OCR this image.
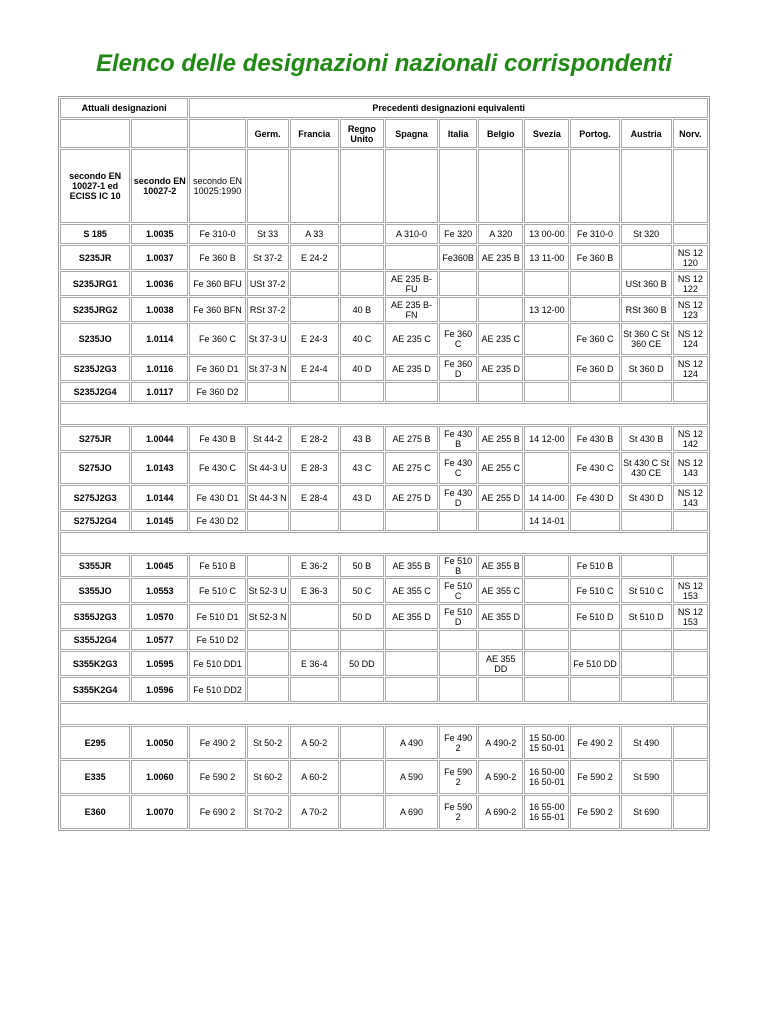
Elenco delle designazioni nazionali corrispondenti
Attuali designazioni		Precedenti designazioni equivalenti										
			Germ.	Francia	Regno Unito	Spagna	Italia	Belgio	Svezia	Portog.	Austria	Norv.
secondo EN 10027-1 ed ECISS IC 10	secondo EN 10027-2	secondo EN 10025:1990										
S 185	1.0035	Fe 310-0	St 33	A 33		A 310-0	Fe 320	A 320	13 00-00	Fe 310-0	St 320	
S235JR	1.0037	Fe 360 B	St 37-2	E 24-2			Fe360B	AE 235 B	13 11-00	Fe 360 B		NS 12 120
S235JRG1	1.0036	Fe 360 BFU	USt 37-2			AE 235 B-FU					USt 360 B	NS 12 122
S235JRG2	1.0038	Fe 360 BFN	RSt 37-2		40 B	AE 235 B-FN			13 12-00		RSt 360 B	NS 12 123
S235JO	1.0114	Fe 360 C	St 37-3 U	E 24-3	40 C	AE 235 C	Fe 360 C	AE 235 C		Fe 360 C	St 360 C St 360 CE	NS 12 124
S235J2G3	1.0116	Fe 360 D1	St 37-3 N	E 24-4	40 D	AE 235 D	Fe 360 D	AE 235 D		Fe 360 D	St 360 D	NS 12 124
S235J2G4	1.0117	Fe 360 D2										

S275JR	1.0044	Fe 430 B	St 44-2	E 28-2	43 B	AE 275 B	Fe 430 B	AE 255 B	14 12-00	Fe 430 B	St 430 B	NS 12 142
S275JO	1.0143	Fe 430 C	St 44-3 U	E 28-3	43 C	AE 275 C	Fe 430 C	AE 255 C		Fe 430 C	St 430 C St 430 CE	NS 12 143
S275J2G3	1.0144	Fe 430 D1	St 44-3 N	E 28-4	43 D	AE 275 D	Fe 430 D	AE 255 D	14 14-00	Fe 430 D	St 430 D	NS 12 143
S275J2G4	1.0145	Fe 430 D2							14 14-01			

S355JR	1.0045	Fe 510 B		E 36-2	50 B	AE 355 B	Fe 510 B	AE 355 B		Fe 510 B		
S355JO	1.0553	Fe 510 C	St 52-3 U	E 36-3	50 C	AE 355 C	Fe 510 C	AE 355 C		Fe 510 C	St 510 C	NS 12 153
S355J2G3	1.0570	Fe 510 D1	St 52-3 N		50 D	AE 355 D	Fe 510 D	AE 355 D		Fe 510 D	St 510 D	NS 12 153
S355J2G4	1.0577	Fe 510 D2										
S355K2G3	1.0595	Fe 510 DD1		E 36-4	50 DD			AE 355 DD		Fe 510 DD		
S355K2G4	1.0596	Fe 510 DD2										

E295	1.0050	Fe 490 2	St 50-2	A 50-2		A 490	Fe 490 2	A 490-2	15 50-00 15 50-01	Fe 490 2	St 490	
E335	1.0060	Fe 590 2	St 60-2	A 60-2		A 590	Fe 590 2	A 590-2	16 50-00 16 50-01	Fe 590 2	St 590	
E360	1.0070	Fe 690 2	St 70-2	A 70-2		A 690	Fe 590 2	A 690-2	16 55-00 16 55-01	Fe 590 2	St 690	
